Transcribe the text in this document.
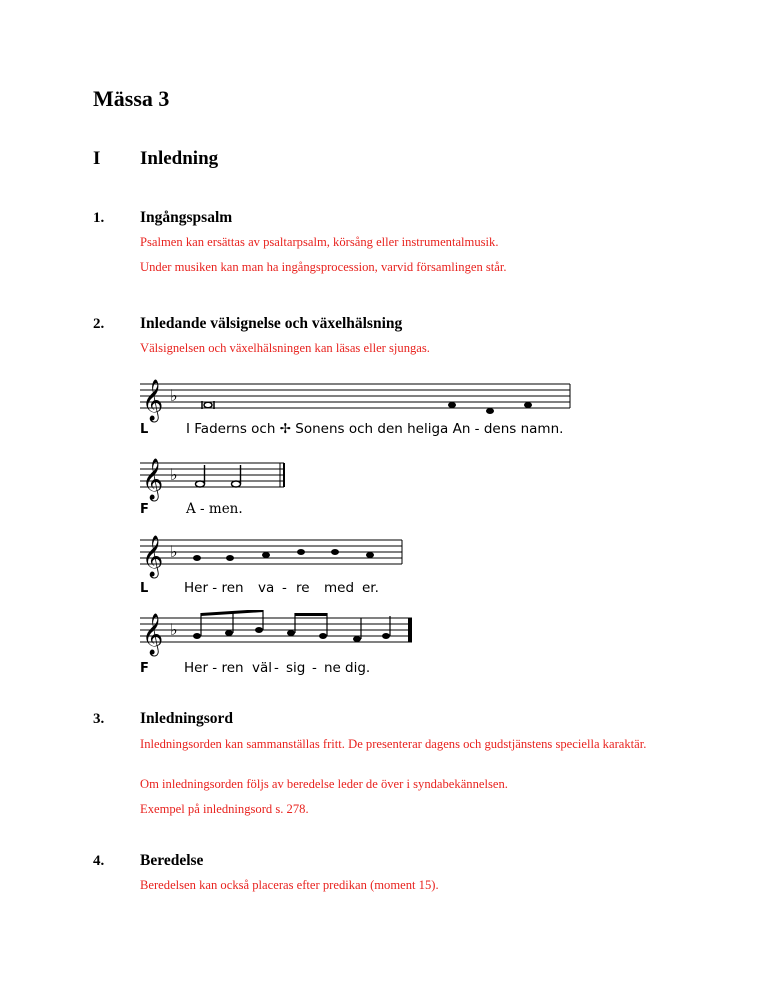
Mässa 3
I Inledning
1. Ingångspsalm
Psalmen kan ersättas av psaltarpsalm, körsång eller instrumentalmusik.
Under musiken kan man ha ingångsprocession, varvid församlingen står.
2. Inledande välsignelse och växelhälsning
Välsignelsen och växelhälsningen kan läsas eller sjungas.
𝄞 ♭
L	I Faderns och ✢ Sonens och den heliga An - dens namn.
𝄞 ♭
F	A - men.
𝄞 ♭
L	Her - ren va - re med er.
𝄞 ♭
F	Her - ren väl - sig - ne dig.
3. Inledningsord
Inledningsorden kan sammanställas fritt. De presenterar dagens och gudstjänstens speciella karaktär.
Om inledningsorden följs av beredelse leder de över i syndabekännelsen.
Exempel på inledningsord s. 278.
4. Beredelse
Beredelsen kan också placeras efter predikan (moment 15).
